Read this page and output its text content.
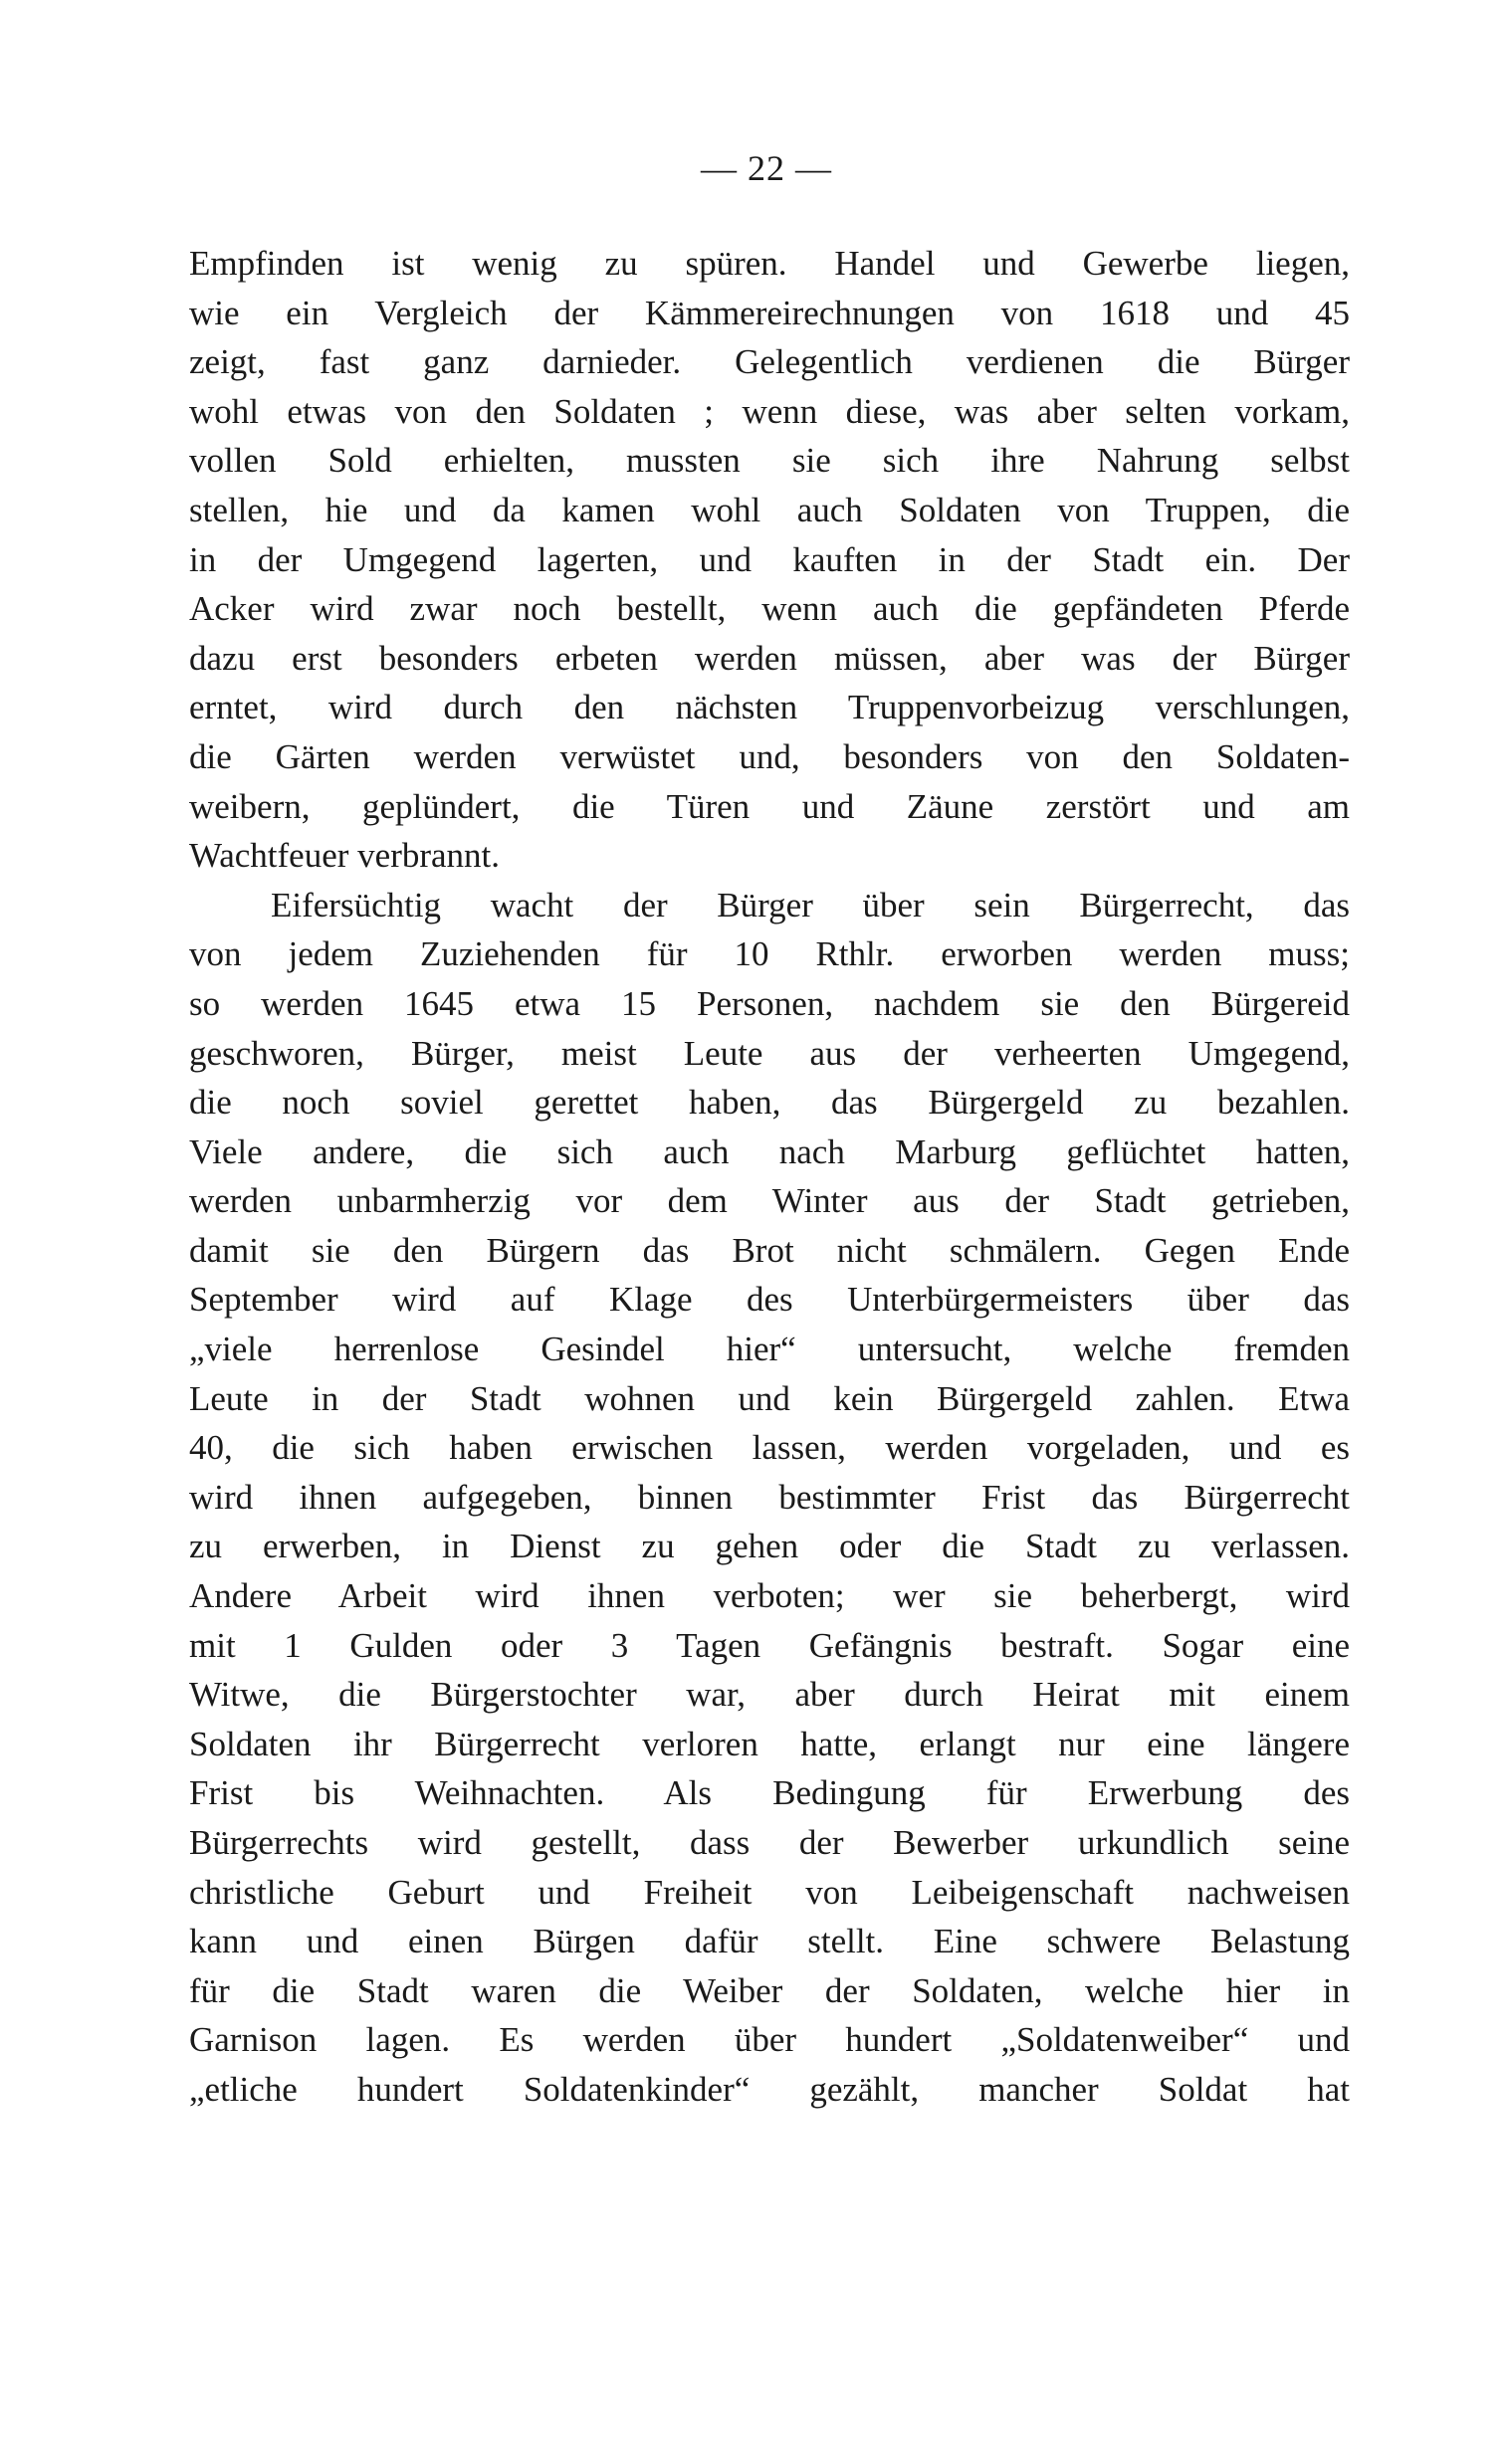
— 22 —
Empfinden ist wenig zu spüren. Handel und Gewerbe liegen,
wie ein Vergleich der Kämmereirechnungen von 1618 und 45
zeigt, fast ganz darnieder. Gelegentlich verdienen die Bürger
wohl etwas von den Soldaten ; wenn diese, was aber selten vorkam,
vollen Sold erhielten, mussten sie sich ihre Nahrung selbst
stellen, hie und da kamen wohl auch Soldaten von Truppen, die
in der Umgegend lagerten, und kauften in der Stadt ein. Der
Acker wird zwar noch bestellt, wenn auch die gepfändeten Pferde
dazu erst besonders erbeten werden müssen, aber was der Bürger
erntet, wird durch den nächsten Truppenvorbeizug verschlungen,
die Gärten werden verwüstet und, besonders von den Soldaten-
weibern, geplündert, die Türen und Zäune zerstört und am
Wachtfeuer verbrannt.
Eifersüchtig wacht der Bürger über sein Bürgerrecht, das
von jedem Zuziehenden für 10 Rthlr. erworben werden muss;
so werden 1645 etwa 15 Personen, nachdem sie den Bürgereid
geschworen, Bürger, meist Leute aus der verheerten Umgegend,
die noch soviel gerettet haben, das Bürgergeld zu bezahlen.
Viele andere, die sich auch nach Marburg geflüchtet hatten,
werden unbarmherzig vor dem Winter aus der Stadt getrieben,
damit sie den Bürgern das Brot nicht schmälern. Gegen Ende
September wird auf Klage des Unterbürgermeisters über das
„viele herrenlose Gesindel hier“ untersucht, welche fremden
Leute in der Stadt wohnen und kein Bürgergeld zahlen. Etwa
40, die sich haben erwischen lassen, werden vorgeladen, und es
wird ihnen aufgegeben, binnen bestimmter Frist das Bürgerrecht
zu erwerben, in Dienst zu gehen oder die Stadt zu verlassen.
Andere Arbeit wird ihnen verboten; wer sie beherbergt, wird
mit 1 Gulden oder 3 Tagen Gefängnis bestraft. Sogar eine
Witwe, die Bürgerstochter war, aber durch Heirat mit einem
Soldaten ihr Bürgerrecht verloren hatte, erlangt nur eine längere
Frist bis Weihnachten. Als Bedingung für Erwerbung des
Bürgerrechts wird gestellt, dass der Bewerber urkundlich seine
christliche Geburt und Freiheit von Leibeigenschaft nachweisen
kann und einen Bürgen dafür stellt. Eine schwere Belastung
für die Stadt waren die Weiber der Soldaten, welche hier in
Garnison lagen. Es werden über hundert „Soldatenweiber“ und
„etliche hundert Soldatenkinder“ gezählt, mancher Soldat hat
